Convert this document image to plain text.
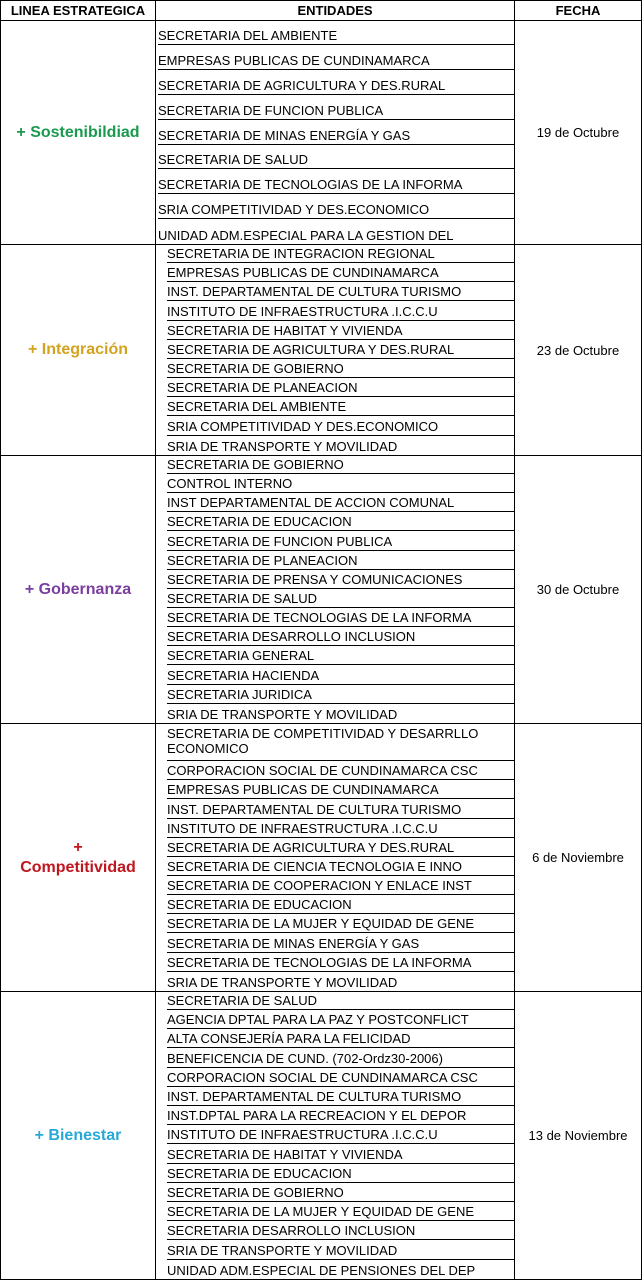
LINEA ESTRATEGICA	ENTIDADES	FECHA
+ Sostenibildiad	19 de Octubre
SECRETARIA DEL AMBIENTE
EMPRESAS PUBLICAS DE CUNDINAMARCA
SECRETARIA DE AGRICULTURA Y DES.RURAL
SECRETARIA DE FUNCION PUBLICA
SECRETARIA DE MINAS ENERGÍA Y GAS
SECRETARIA DE SALUD
SECRETARIA DE TECNOLOGIAS DE LA INFORMA
SRIA COMPETITIVIDAD Y DES.ECONOMICO
UNIDAD ADM.ESPECIAL PARA LA GESTION DEL
+ Integración	23 de Octubre
SECRETARIA DE INTEGRACION REGIONAL
EMPRESAS PUBLICAS DE CUNDINAMARCA
INST. DEPARTAMENTAL DE CULTURA TURISMO
INSTITUTO DE INFRAESTRUCTURA .I.C.C.U
SECRETARIA DE HABITAT Y VIVIENDA
SECRETARIA DE AGRICULTURA Y DES.RURAL
SECRETARIA DE GOBIERNO
SECRETARIA DE PLANEACION
SECRETARIA DEL AMBIENTE
SRIA COMPETITIVIDAD Y DES.ECONOMICO
SRIA DE TRANSPORTE Y MOVILIDAD
+ Gobernanza	30 de Octubre
SECRETARIA DE GOBIERNO
CONTROL INTERNO
INST DEPARTAMENTAL DE ACCION COMUNAL
SECRETARIA DE EDUCACION
SECRETARIA DE FUNCION PUBLICA
SECRETARIA DE PLANEACION
SECRETARIA DE PRENSA Y COMUNICACIONES
SECRETARIA DE SALUD
SECRETARIA DE TECNOLOGIAS DE LA INFORMA
SECRETARIA DESARROLLO INCLUSION
SECRETARIA GENERAL
SECRETARIA HACIENDA
SECRETARIA JURIDICA
SRIA DE TRANSPORTE Y MOVILIDAD
+
Competitividad
6 de Noviembre
SECRETARIA DE COMPETITIVIDAD Y DESARRLLO ECONOMICO
CORPORACION SOCIAL DE CUNDINAMARCA CSC
EMPRESAS PUBLICAS DE CUNDINAMARCA
INST. DEPARTAMENTAL DE CULTURA TURISMO
INSTITUTO DE INFRAESTRUCTURA .I.C.C.U
SECRETARIA DE AGRICULTURA Y DES.RURAL
SECRETARIA DE CIENCIA TECNOLOGIA E INNO
SECRETARIA DE COOPERACION Y ENLACE INST
SECRETARIA DE EDUCACION
SECRETARIA DE LA MUJER Y EQUIDAD DE GENE
SECRETARIA DE MINAS ENERGÍA Y GAS
SECRETARIA DE TECNOLOGIAS DE LA INFORMA
SRIA DE TRANSPORTE Y MOVILIDAD
+ Bienestar	13 de Noviembre
SECRETARIA DE SALUD
AGENCIA DPTAL PARA LA PAZ Y POSTCONFLICT
ALTA CONSEJERÍA PARA LA FELICIDAD
BENEFICENCIA DE CUND. (702-Ordz30-2006)
CORPORACION SOCIAL DE CUNDINAMARCA CSC
INST. DEPARTAMENTAL DE CULTURA TURISMO
INST.DPTAL PARA LA RECREACION Y EL DEPOR
INSTITUTO DE INFRAESTRUCTURA .I.C.C.U
SECRETARIA DE HABITAT Y VIVIENDA
SECRETARIA DE EDUCACION
SECRETARIA DE GOBIERNO
SECRETARIA DE LA MUJER Y EQUIDAD DE GENE
SECRETARIA DESARROLLO INCLUSION
SRIA DE TRANSPORTE Y MOVILIDAD
UNIDAD ADM.ESPECIAL DE PENSIONES DEL DEP
